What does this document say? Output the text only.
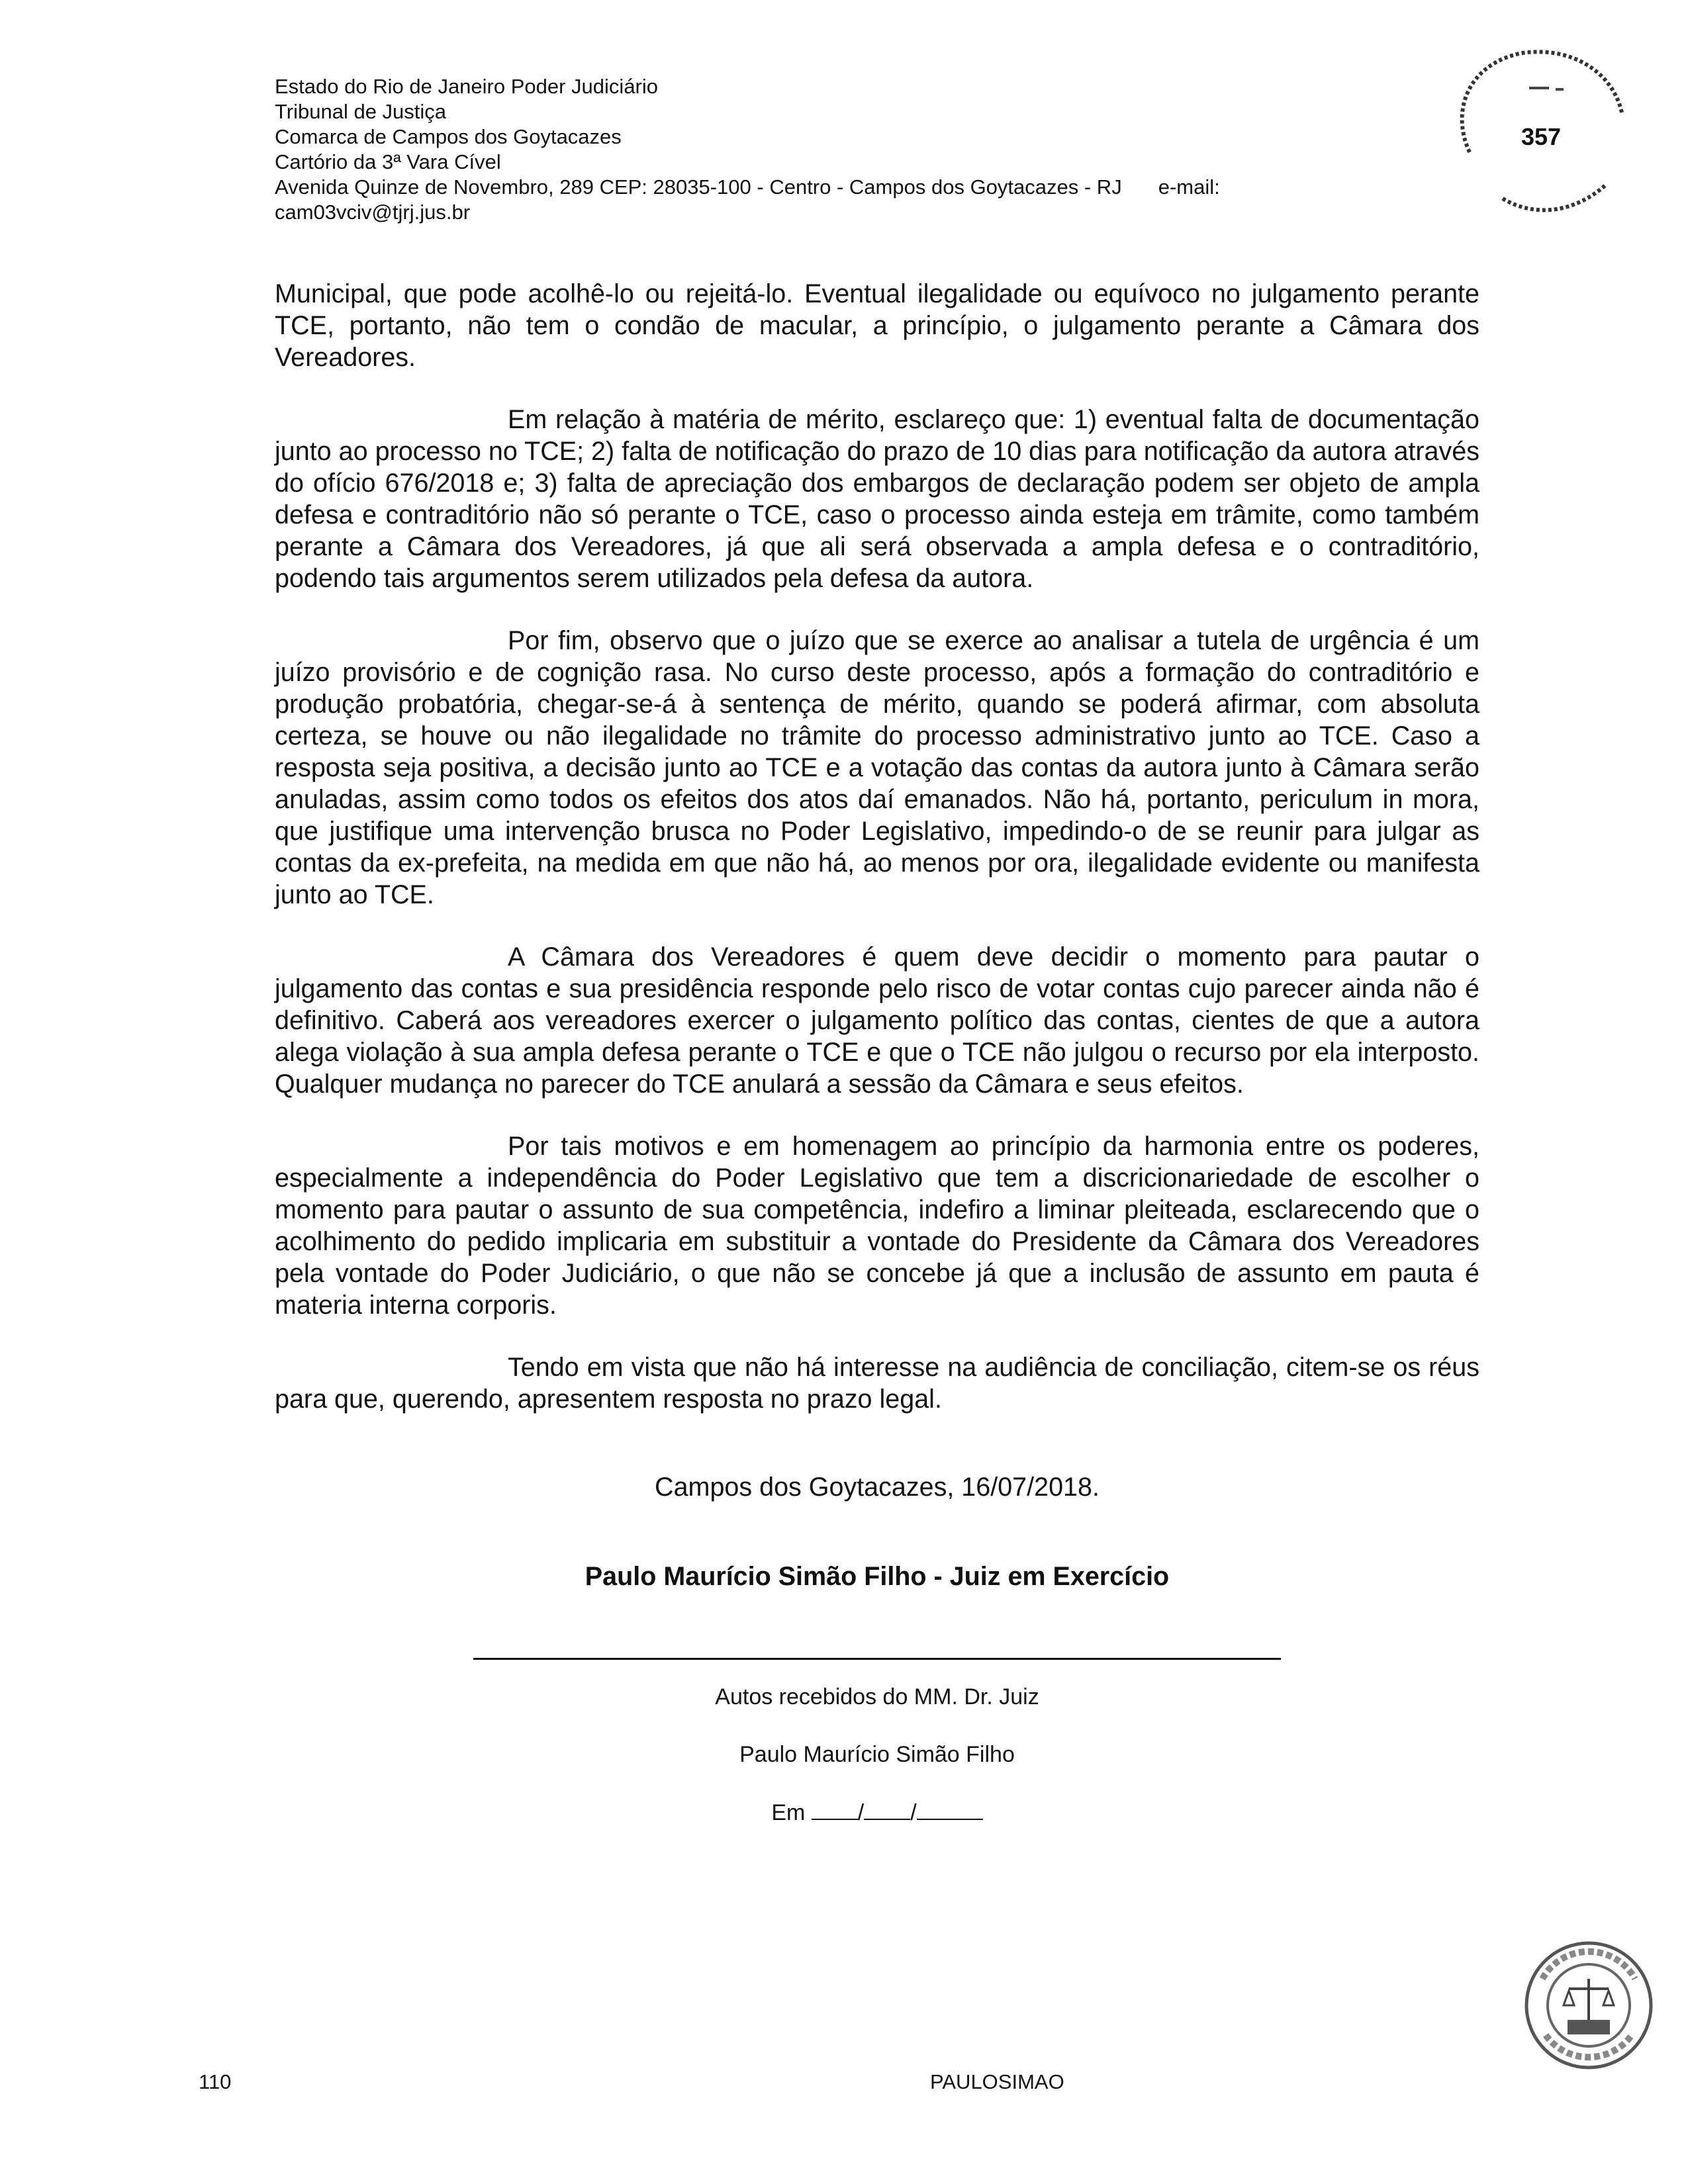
Estado do Rio de Janeiro Poder Judiciário
Tribunal de Justiça
Comarca de Campos dos Goytacazes
Cartório da 3ª Vara Cível
Avenida Quinze de Novembro, 289 CEP: 28035-100 - Centro - Campos dos Goytacazes - RJ e-mail:
cam03vciv@tjrj.jus.br
357

Municipal, que pode acolhê-lo ou rejeitá-lo. Eventual ilegalidade ou equívoco no julgamento perante TCE, portanto, não tem o condão de macular, a princípio, o julgamento perante a Câmara dos Vereadores.

Em relação à matéria de mérito, esclareço que: 1) eventual falta de documentação junto ao processo no TCE; 2) falta de notificação do prazo de 10 dias para notificação da autora através do ofício 676/2018 e; 3) falta de apreciação dos embargos de declaração podem ser objeto de ampla defesa e contraditório não só perante o TCE, caso o processo ainda esteja em trâmite, como também perante a Câmara dos Vereadores, já que ali será observada a ampla defesa e o contraditório, podendo tais argumentos serem utilizados pela defesa da autora.

Por fim, observo que o juízo que se exerce ao analisar a tutela de urgência é um juízo provisório e de cognição rasa. No curso deste processo, após a formação do contraditório e produção probatória, chegar-se-á à sentença de mérito, quando se poderá afirmar, com absoluta certeza, se houve ou não ilegalidade no trâmite do processo administrativo junto ao TCE. Caso a resposta seja positiva, a decisão junto ao TCE e a votação das contas da autora junto à Câmara serão anuladas, assim como todos os efeitos dos atos daí emanados. Não há, portanto, periculum in mora, que justifique uma intervenção brusca no Poder Legislativo, impedindo-o de se reunir para julgar as contas da ex-prefeita, na medida em que não há, ao menos por ora, ilegalidade evidente ou manifesta junto ao TCE.

A Câmara dos Vereadores é quem deve decidir o momento para pautar o julgamento das contas e sua presidência responde pelo risco de votar contas cujo parecer ainda não é definitivo. Caberá aos vereadores exercer o julgamento político das contas, cientes de que a autora alega violação à sua ampla defesa perante o TCE e que o TCE não julgou o recurso por ela interposto. Qualquer mudança no parecer do TCE anulará a sessão da Câmara e seus efeitos.

Por tais motivos e em homenagem ao princípio da harmonia entre os poderes, especialmente a independência do Poder Legislativo que tem a discricionariedade de escolher o momento para pautar o assunto de sua competência, indefiro a liminar pleiteada, esclarecendo que o acolhimento do pedido implicaria em substituir a vontade do Presidente da Câmara dos Vereadores pela vontade do Poder Judiciário, o que não se concebe já que a inclusão de assunto em pauta é materia interna corporis.

Tendo em vista que não há interesse na audiência de conciliação, citem-se os réus para que, querendo, apresentem resposta no prazo legal.

Campos dos Goytacazes, 16/07/2018.
Paulo Maurício Simão Filho - Juiz em Exercício
Autos recebidos do MM. Dr. Juiz
Paulo Maurício Simão Filho
Em / /
110	PAULOSIMAO
